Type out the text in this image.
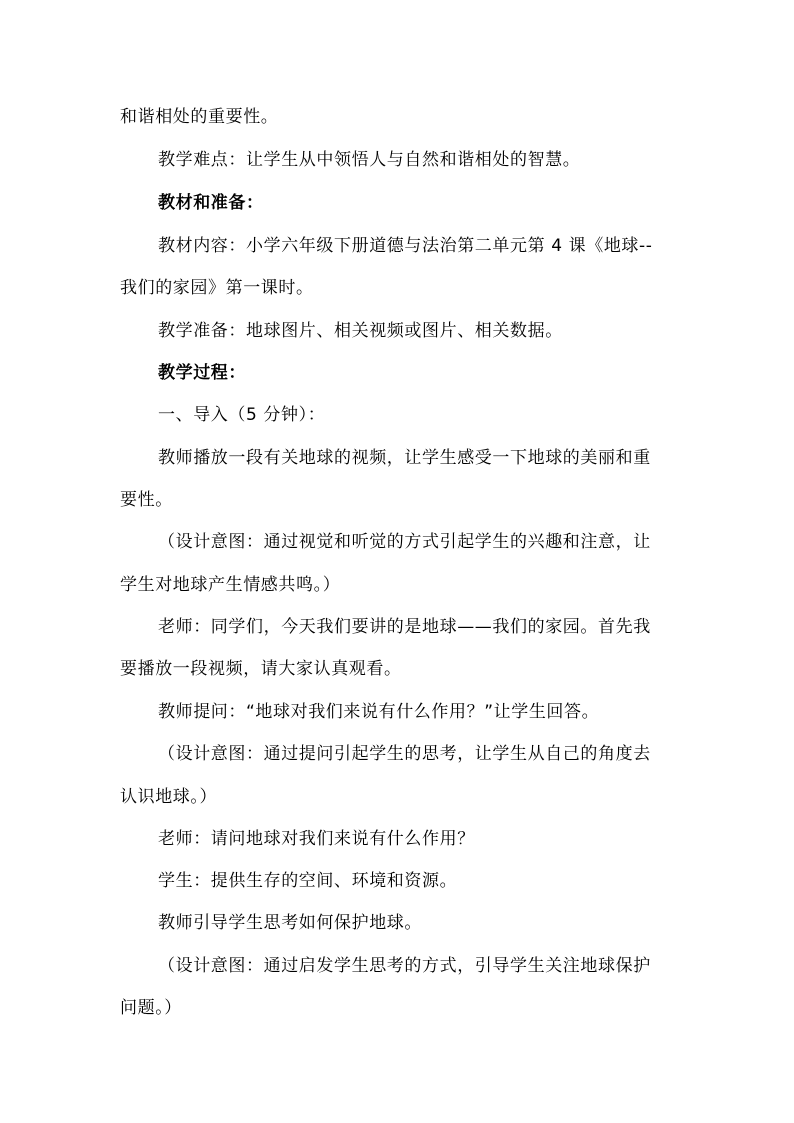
和谐相处的重要性。
教学难点：让学生从中领悟人与自然和谐相处的智慧。
教材和准备：
教材内容：小学六年级下册道德与法治第二单元第 4 课《地球--
我们的家园》第一课时。
教学准备：地球图片、相关视频或图片、相关数据。
教学过程：
一、导入（5 分钟）：
教师播放一段有关地球的视频，让学生感受一下地球的美丽和重
要性。
（设计意图：通过视觉和听觉的方式引起学生的兴趣和注意，让
学生对地球产生情感共鸣。）
老师：同学们，今天我们要讲的是地球——我们的家园。首先我
要播放一段视频，请大家认真观看。
教师提问：“地球对我们来说有什么作用？”让学生回答。
（设计意图：通过提问引起学生的思考，让学生从自己的角度去
认识地球。）
老师：请问地球对我们来说有什么作用？
学生：提供生存的空间、环境和资源。
教师引导学生思考如何保护地球。
（设计意图：通过启发学生思考的方式，引导学生关注地球保护
问题。）
